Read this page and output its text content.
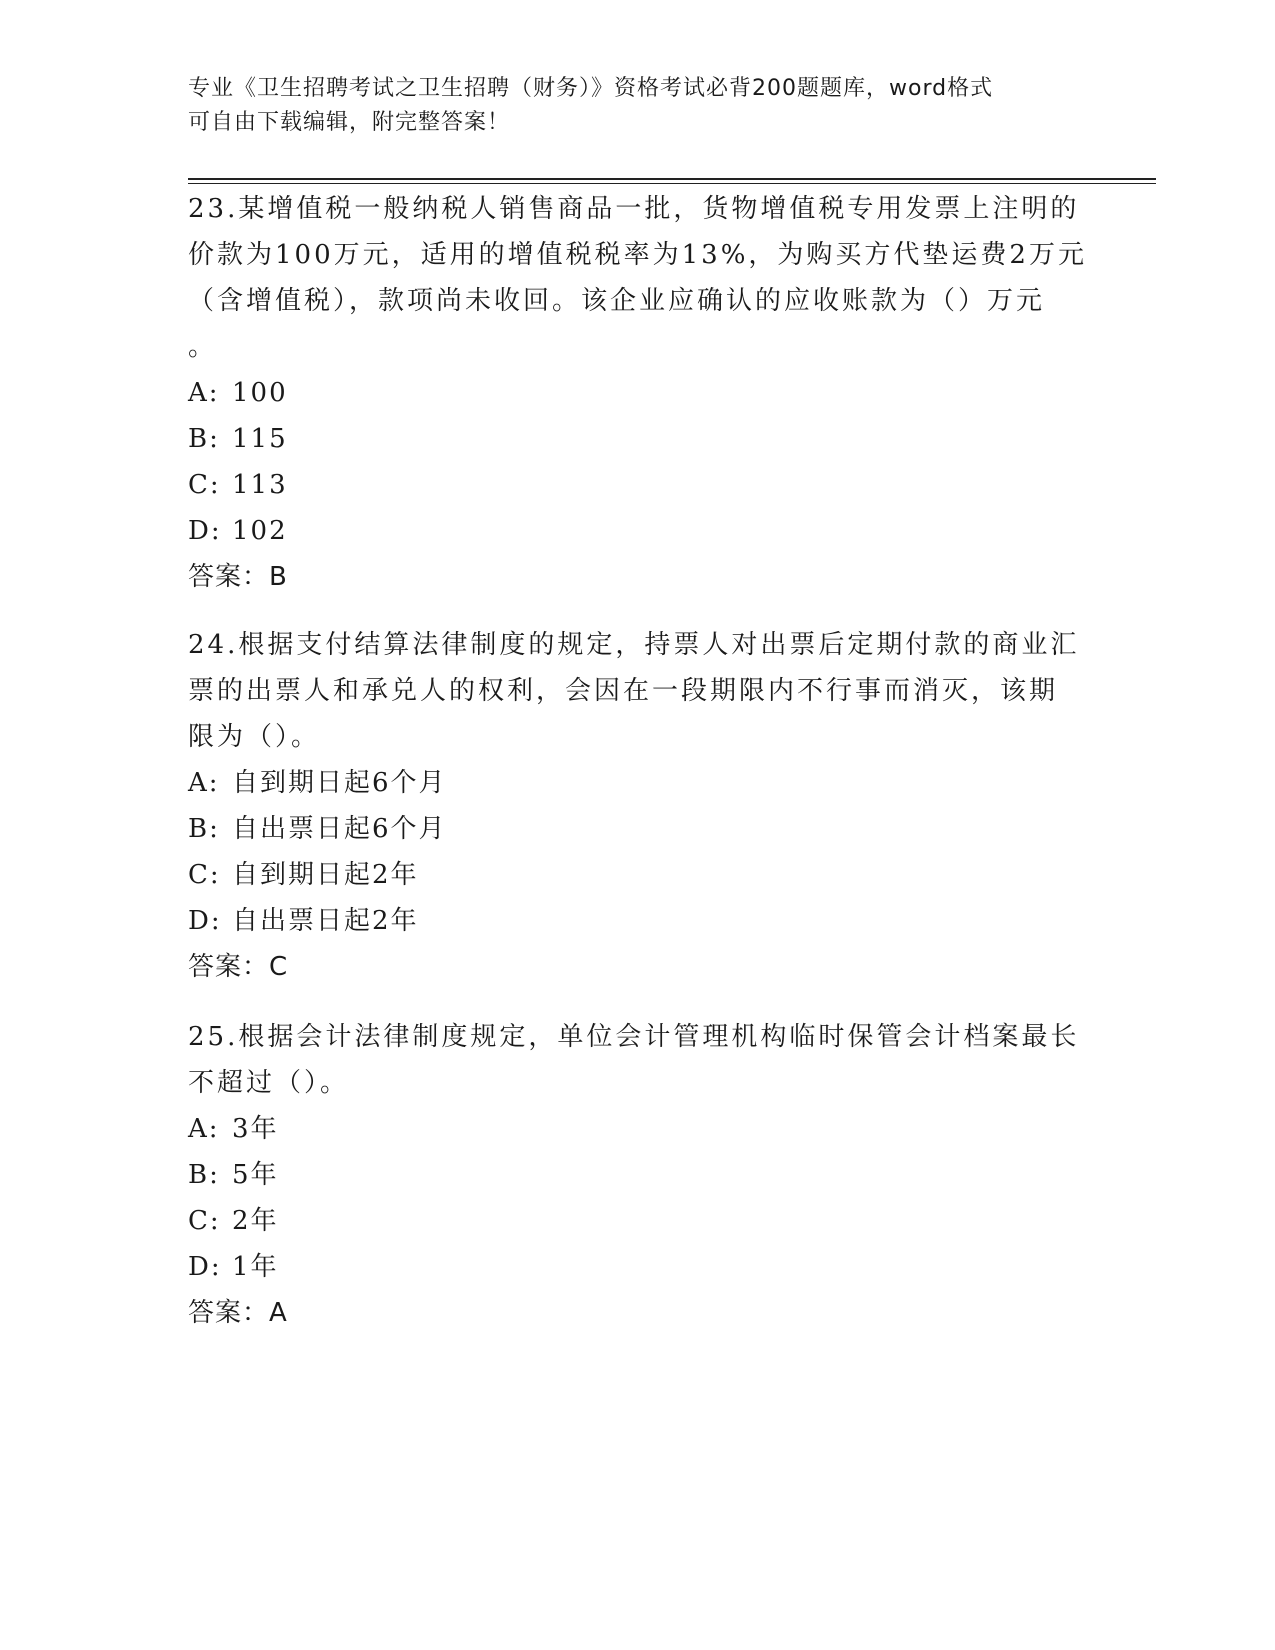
专业《卫生招聘考试之卫生招聘（财务）》资格考试必背200题题库，word格式
可自由下载编辑，附完整答案！
23.某增值税一般纳税人销售商品一批，货物增值税专用发票上注明的
价款为100万元，适用的增值税税率为13%，为购买方代垫运费2万元
（含增值税），款项尚未收回。该企业应确认的应收账款为（）万元
。
A: 100
B: 115
C: 113
D: 102
答案：B
24.根据支付结算法律制度的规定，持票人对出票后定期付款的商业汇
票的出票人和承兑人的权利，会因在一段期限内不行事而消灭，该期
限为（）。
A: 自到期日起6个月
B: 自出票日起6个月
C: 自到期日起2年
D: 自出票日起2年
答案：C
25.根据会计法律制度规定，单位会计管理机构临时保管会计档案最长
不超过（）。
A: 3年
B: 5年
C: 2年
D: 1年
答案：A
